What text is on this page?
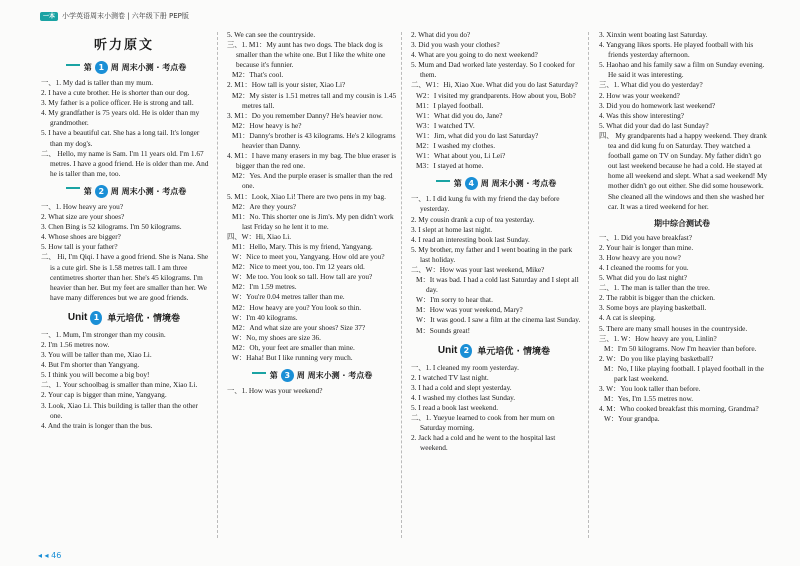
一本	小学英语周末小测卷 | 六年级下册 PEP版
听力原文
第 1 周 周末小测 · 考点卷

一、1. My dad is taller than my mum.

2. I have a cute brother. He is shorter than our dog.

3. My father is a police officer. He is strong and tall.

4. My grandfather is 75 years old. He is older than my grandmother.

5. I have a beautiful cat. She has a long tail. It's longer than my dog's.

二、 Hello, my name is Sam. I'm 11 years old. I'm 1.67 metres. I have a good friend. He is older than me. And he is taller than me, too.

第 2 周 周末小测 · 考点卷

一、1. How heavy are you?

2. What size are your shoes?

3. Chen Bing is 52 kilograms. I'm 50 kilograms.

4. Whose shoes are bigger?

5. How tall is your father?

二、 Hi, I'm Qiqi. I have a good friend. She is Nana. She is a cute girl. She is 1.58 metres tall. I am three centimetres shorter than her. She's 45 kilograms. I'm heavier than her. But my feet are smaller than her. We have many differences but we are good friends.

Unit 1 单元培优 · 情境卷

一、1. Mum, I'm stronger than my cousin.

2. I'm 1.56 metres now.

3. You will be taller than me, Xiao Li.

4. But I'm shorter than Yangyang.

5. I think you will become a big boy!

二、1. Your schoolbag is smaller than mine, Xiao Li.

2. Your cap is bigger than mine, Yangyang.

3. Look, Xiao Li. This building is taller than the other one.

4. And the train is longer than the bus.

5. We can see the countryside.

三、1. M1：My aunt has two dogs. The black dog is smaller than the white one. But I like the white one because it's funnier.

M2：That's cool.

2. M1：How tall is your sister, Xiao Li?

M2：My sister is 1.51 metres tall and my cousin is 1.45 metres tall.

3. M1：Do you remember Danny? He's heavier now.

M2：How heavy is he?

M1：Danny's brother is 43 kilograms. He's 2 kilograms heavier than Danny.

4. M1：I have many erasers in my bag. The blue eraser is bigger than the red one.

M2：Yes. And the purple eraser is smaller than the red one.

5. M1：Look, Xiao Li! There are two pens in my bag.

M2：Are they yours?

M1：No. This shorter one is Jim's. My pen didn't work last Friday so he lent it to me.

四、W：Hi, Xiao Li.

M1：Hello, Mary. This is my friend, Yangyang.

W：Nice to meet you, Yangyang. How old are you?

M2：Nice to meet you, too. I'm 12 years old.

W：Me too. You look so tall. How tall are you?

M2：I'm 1.59 metres.

W：You're 0.04 metres taller than me.

M2：How heavy are you? You look so thin.

W：I'm 40 kilograms.

M2：And what size are your shoes? Size 37?

W：No, my shoes are size 36.

M2：Oh, your feet are smaller than mine.

W：Haha! But I like running very much.

第 3 周 周末小测 · 考点卷

一、1. How was your weekend?

2. What did you do?

3. Did you wash your clothes?

4. What are you going to do next weekend?

5. Mum and Dad worked late yesterday. So I cooked for them.

二、W1：Hi, Xiao Xue. What did you do last Saturday?

W2：I visited my grandparents. How about you, Bob?

M1：I played football.

W1：What did you do, Jane?

W3：I watched TV.

W1：Jim, what did you do last Saturday?

M2：I washed my clothes.

W1：What about you, Li Lei?

M3：I stayed at home.

第 4 周 周末小测 · 考点卷

一、1. I did kung fu with my friend the day before yesterday.

2. My cousin drank a cup of tea yesterday.

3. I slept at home last night.

4. I read an interesting book last Sunday.

5. My brother, my father and I went boating in the park last holiday.

二、W：How was your last weekend, Mike?

M：It was bad. I had a cold last Saturday and I slept all day.

W：I'm sorry to hear that.

M：How was your weekend, Mary?

W：It was good. I saw a film at the cinema last Sunday.

M：Sounds great!

Unit 2 单元培优 · 情境卷

一、1. I cleaned my room yesterday.

2. I watched TV last night.

3. I had a cold and slept yesterday.

4. I washed my clothes last Sunday.

5. I read a book last weekend.

二、1. Yueyue learned to cook from her mum on Saturday morning.

2. Jack had a cold and he went to the hospital last weekend.

3. Xinxin went boating last Saturday.

4. Yangyang likes sports. He played football with his friends yesterday afternoon.

5. Haohao and his family saw a film on Sunday evening. He said it was interesting.

三、1. What did you do yesterday?

2. How was your weekend?

3. Did you do homework last weekend?

4. Was this show interesting?

5. What did your dad do last Sunday?

四、 My grandparents had a happy weekend. They drank tea and did kung fu on Saturday. They watched a football game on TV on Sunday. My father didn't go out last weekend because he had a cold. He stayed at home all weekend and slept. What a sad weekend! My mother didn't go out either. She did some housework. She cleaned all the windows and then she washed her car. It was a tired weekend for her.

期中综合测试卷

一、1. Did you have breakfast?

2. Your hair is longer than mine.

3. How heavy are you now?

4. I cleaned the rooms for you.

5. What did you do last night?

二、1. The man is taller than the tree.

2. The rabbit is bigger than the chicken.

3. Some boys are playing basketball.

4. A cat is sleeping.

5. There are many small houses in the countryside.

三、1. W：How heavy are you, Linlin?

M：I'm 50 kilograms. Now I'm heavier than before.

2. W：Do you like playing basketball?

M：No, I like playing football. I played football in the park last weekend.

3. W：You look taller than before.

M：Yes, I'm 1.55 metres now.

4. M：Who cooked breakfast this morning, Grandma?

W：Your grandpa.

◂ ◂ 46
